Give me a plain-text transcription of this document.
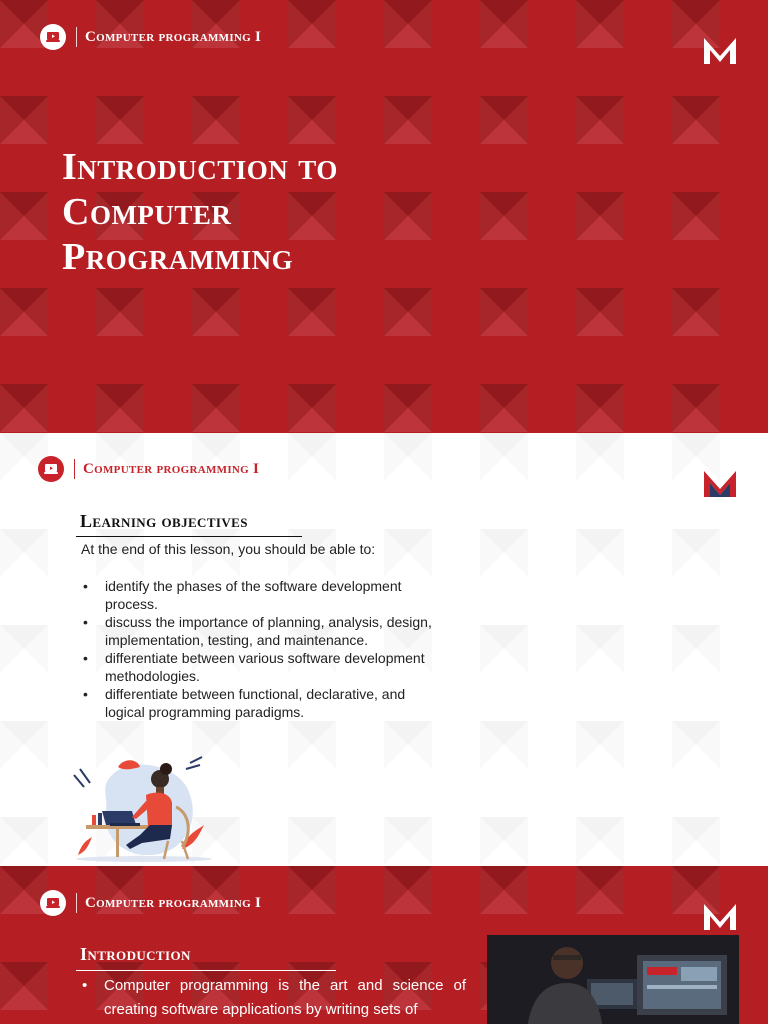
Computer programming I
Introduction to
Computer
Programming
Computer programming I
Learning objectives
At the end of this lesson, you should be able to:
• identify the phases of the software development process.
• discuss the importance of planning, analysis, design, implementation, testing, and maintenance.
• differentiate between various software development methodologies.
• differentiate between functional, declarative, and logical programming paradigms.
Computer programming I
Introduction
• Computer programming is the art and science of creating software applications by writing sets of
